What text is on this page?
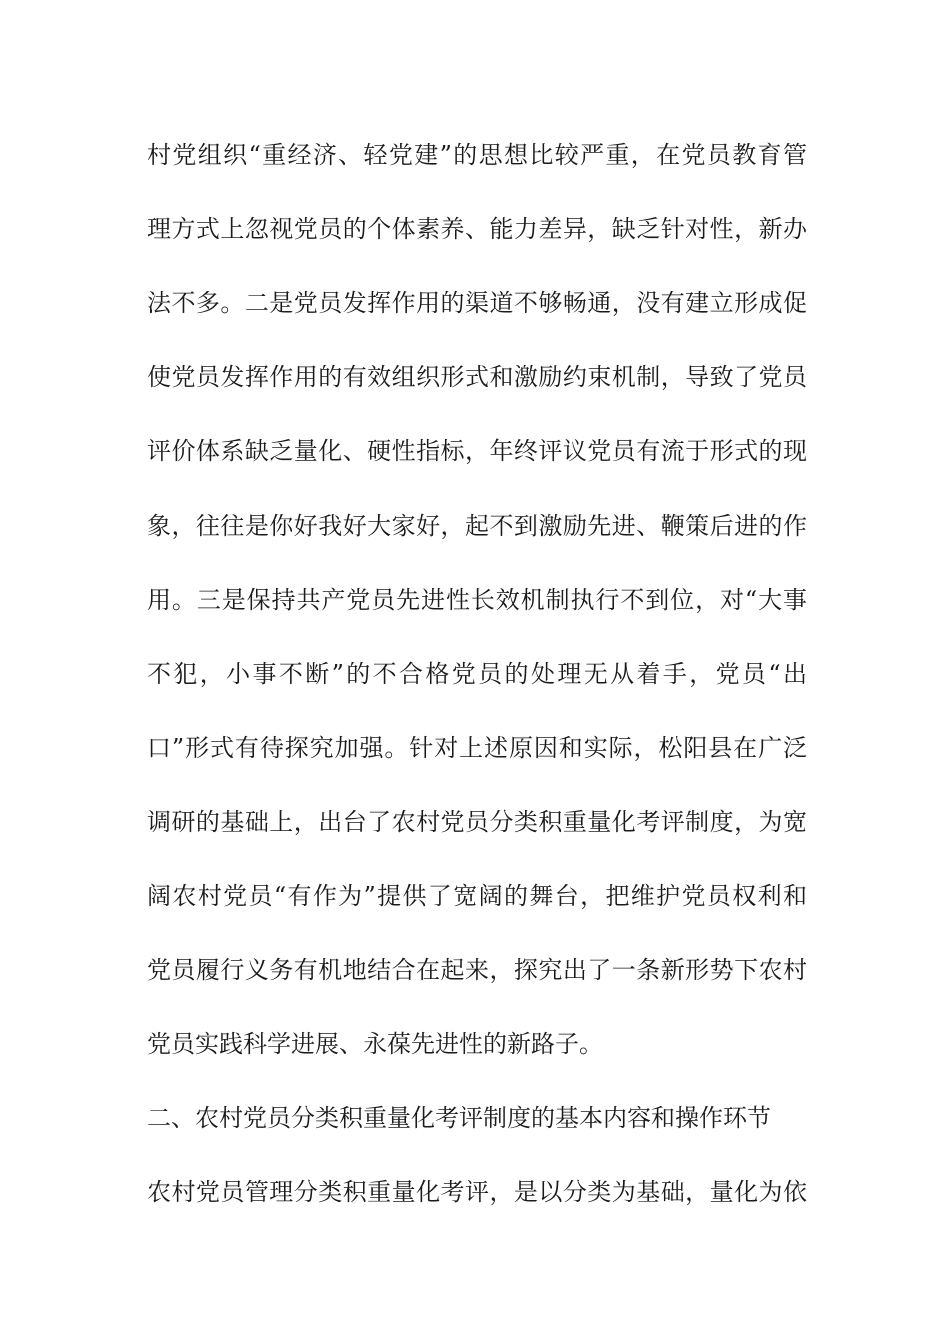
村党组织“重经济、轻党建”的思想比较严重，在党员教育管
理方式上忽视党员的个体素养、能力差异，缺乏针对性，新办
法不多。二是党员发挥作用的渠道不够畅通，没有建立形成促
使党员发挥作用的有效组织形式和激励约束机制，导致了党员
评价体系缺乏量化、硬性指标，年终评议党员有流于形式的现
象，往往是你好我好大家好，起不到激励先进、鞭策后进的作
用。三是保持共产党员先进性长效机制执行不到位，对“大事
不犯，小事不断”的不合格党员的处理无从着手，党员“出
口”形式有待探究加强。针对上述原因和实际，松阳县在广泛
调研的基础上，出台了农村党员分类积重量化考评制度，为宽
阔农村党员“有作为”提供了宽阔的舞台，把维护党员权利和
党员履行义务有机地结合在起来，探究出了一条新形势下农村
党员实践科学进展、永葆先进性的新路子。
二、农村党员分类积重量化考评制度的基本内容和操作环节
农村党员管理分类积重量化考评，是以分类为基础，量化为依
